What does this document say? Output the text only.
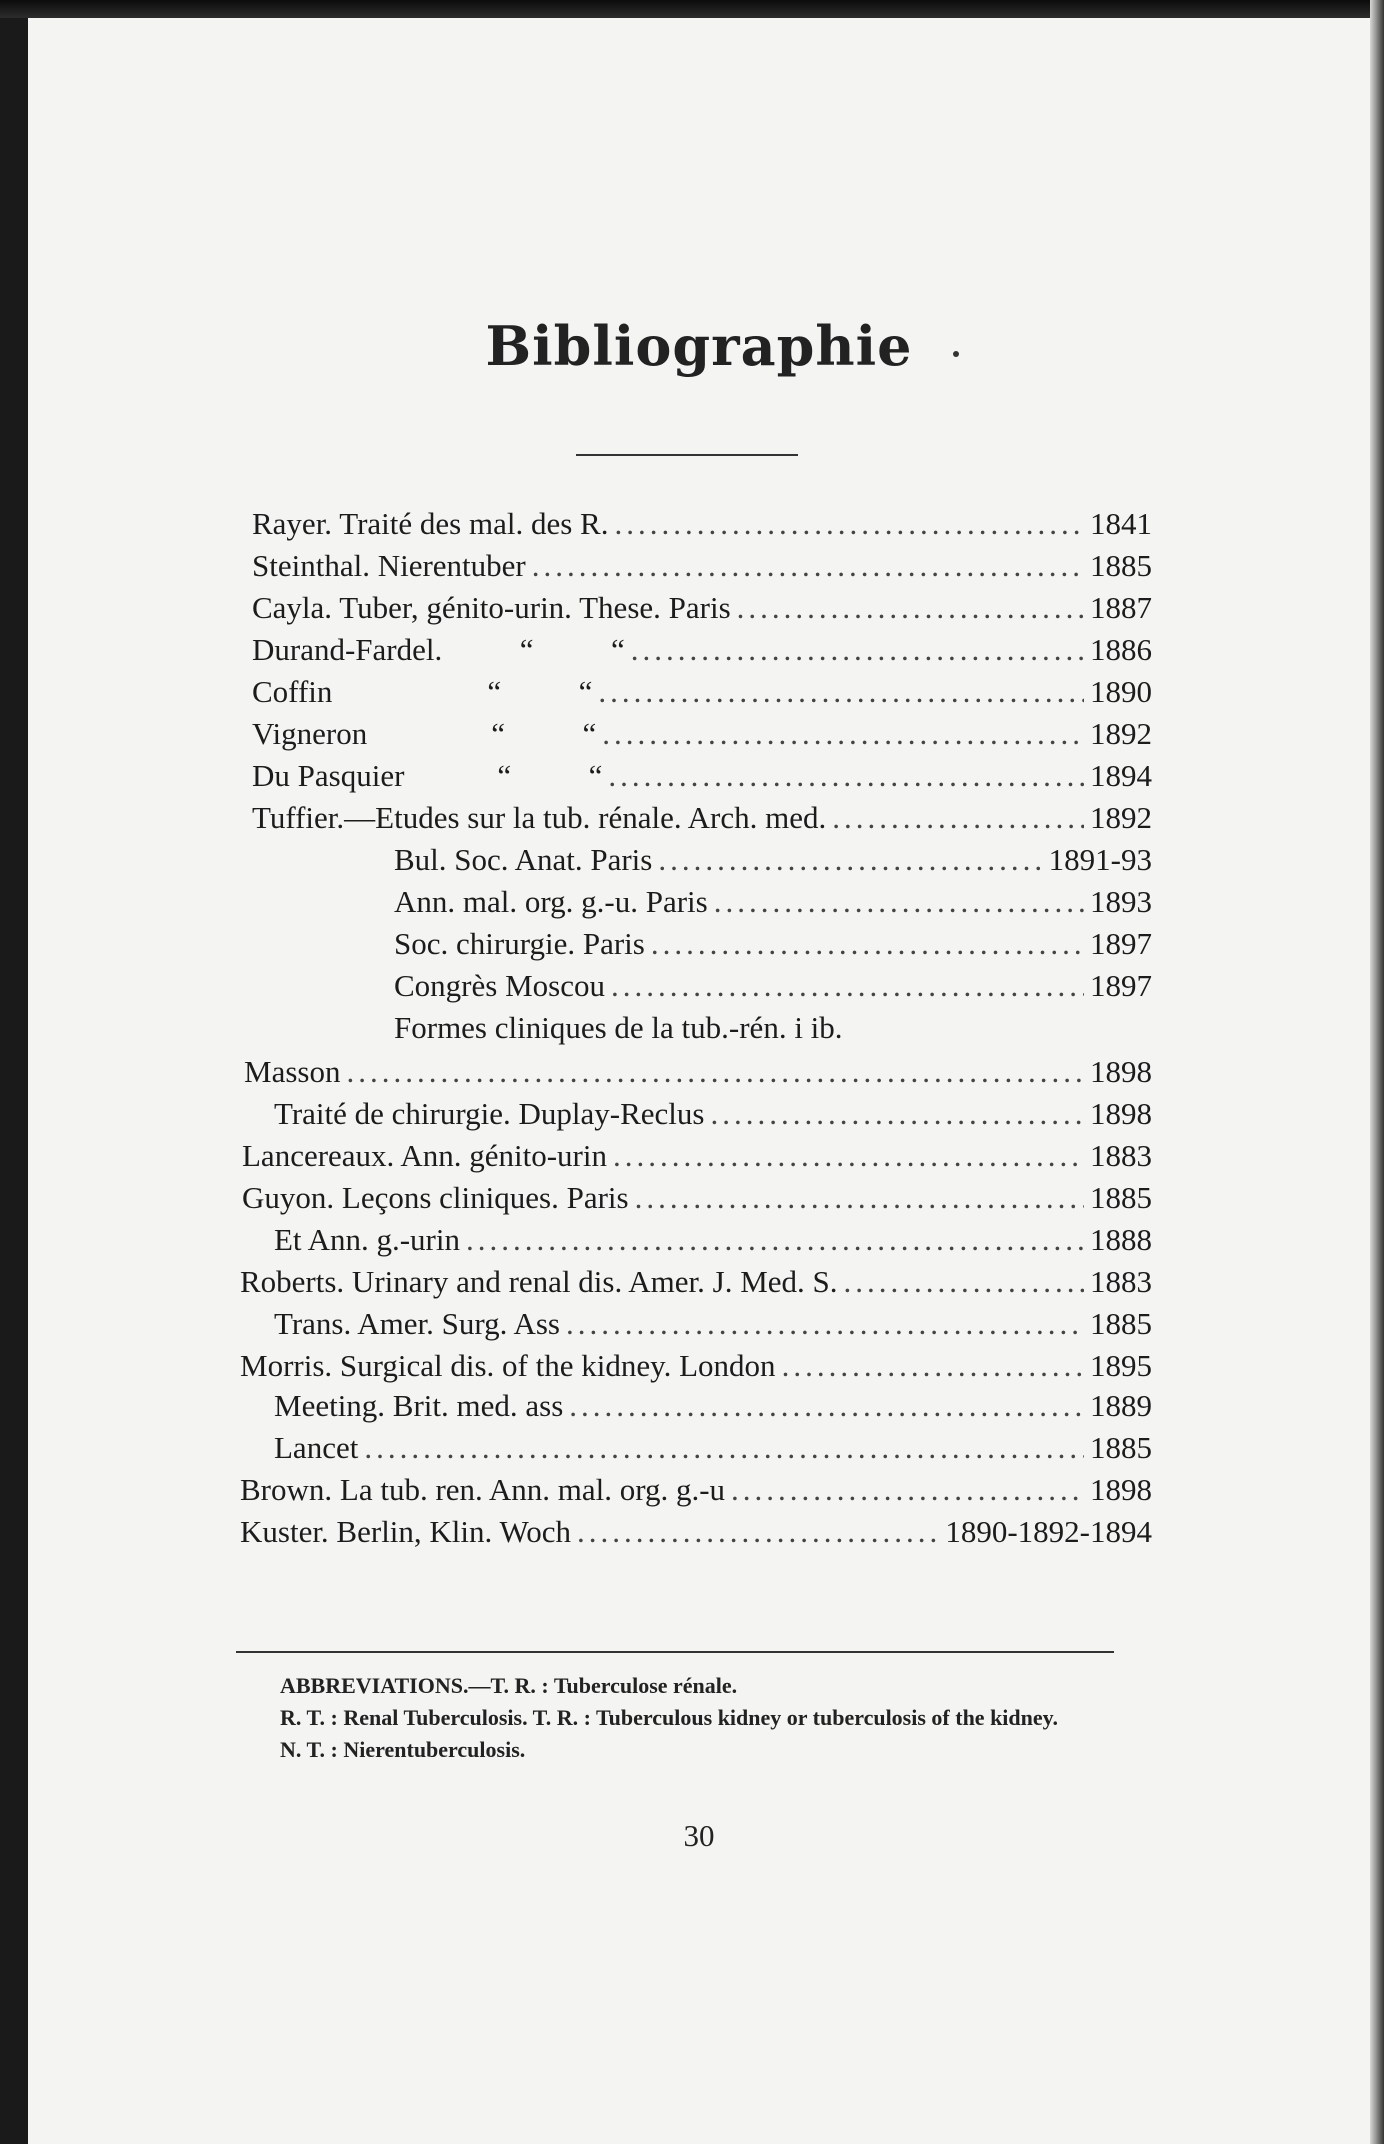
Bibliographie
Rayer. Traité des mal. des R. .....	1841
Steinthal. Nierentuber .....	1885
Cayla. Tuber, génito-urin. These. Paris .....	1887
Durand-Fardel.          “          “ .....	1886
Coffin                    “          “ .....	1890
Vigneron                “          “ .....	1892
Du Pasquier            “          “ .....	1894
Tuffier.—Etudes sur la tub. rénale. Arch. med. .....	1892
Bul. Soc. Anat. Paris .....	1891-93
Ann. mal. org. g.-u. Paris .....	1893
Soc. chirurgie. Paris .....	1897
Congrès Moscou .....	1897
Formes cliniques de la tub.-rén. i ib.
Masson .....	1898
Traité de chirurgie. Duplay-Reclus .....	1898
Lancereaux. Ann. génito-urin .....	1883
Guyon. Leçons cliniques. Paris .....	1885
Et Ann. g.-urin .....	1888
Roberts. Urinary and renal dis. Amer. J. Med. S. .....	1883
Trans. Amer. Surg. Ass .....	1885
Morris. Surgical dis. of the kidney. London .....	1895
Meeting. Brit. med. ass .....	1889
Lancet .....	1885
Brown. La tub. ren. Ann. mal. org. g.-u .....	1898
Kuster. Berlin, Klin. Woch .....	1890-1892-1894
ABBREVIATIONS.—T. R. : Tuberculose rénale.
R. T. : Renal Tuberculosis. T. R. : Tuberculous kidney or tuberculosis of the kidney.
N. T. : Nierentuberculosis.
30
